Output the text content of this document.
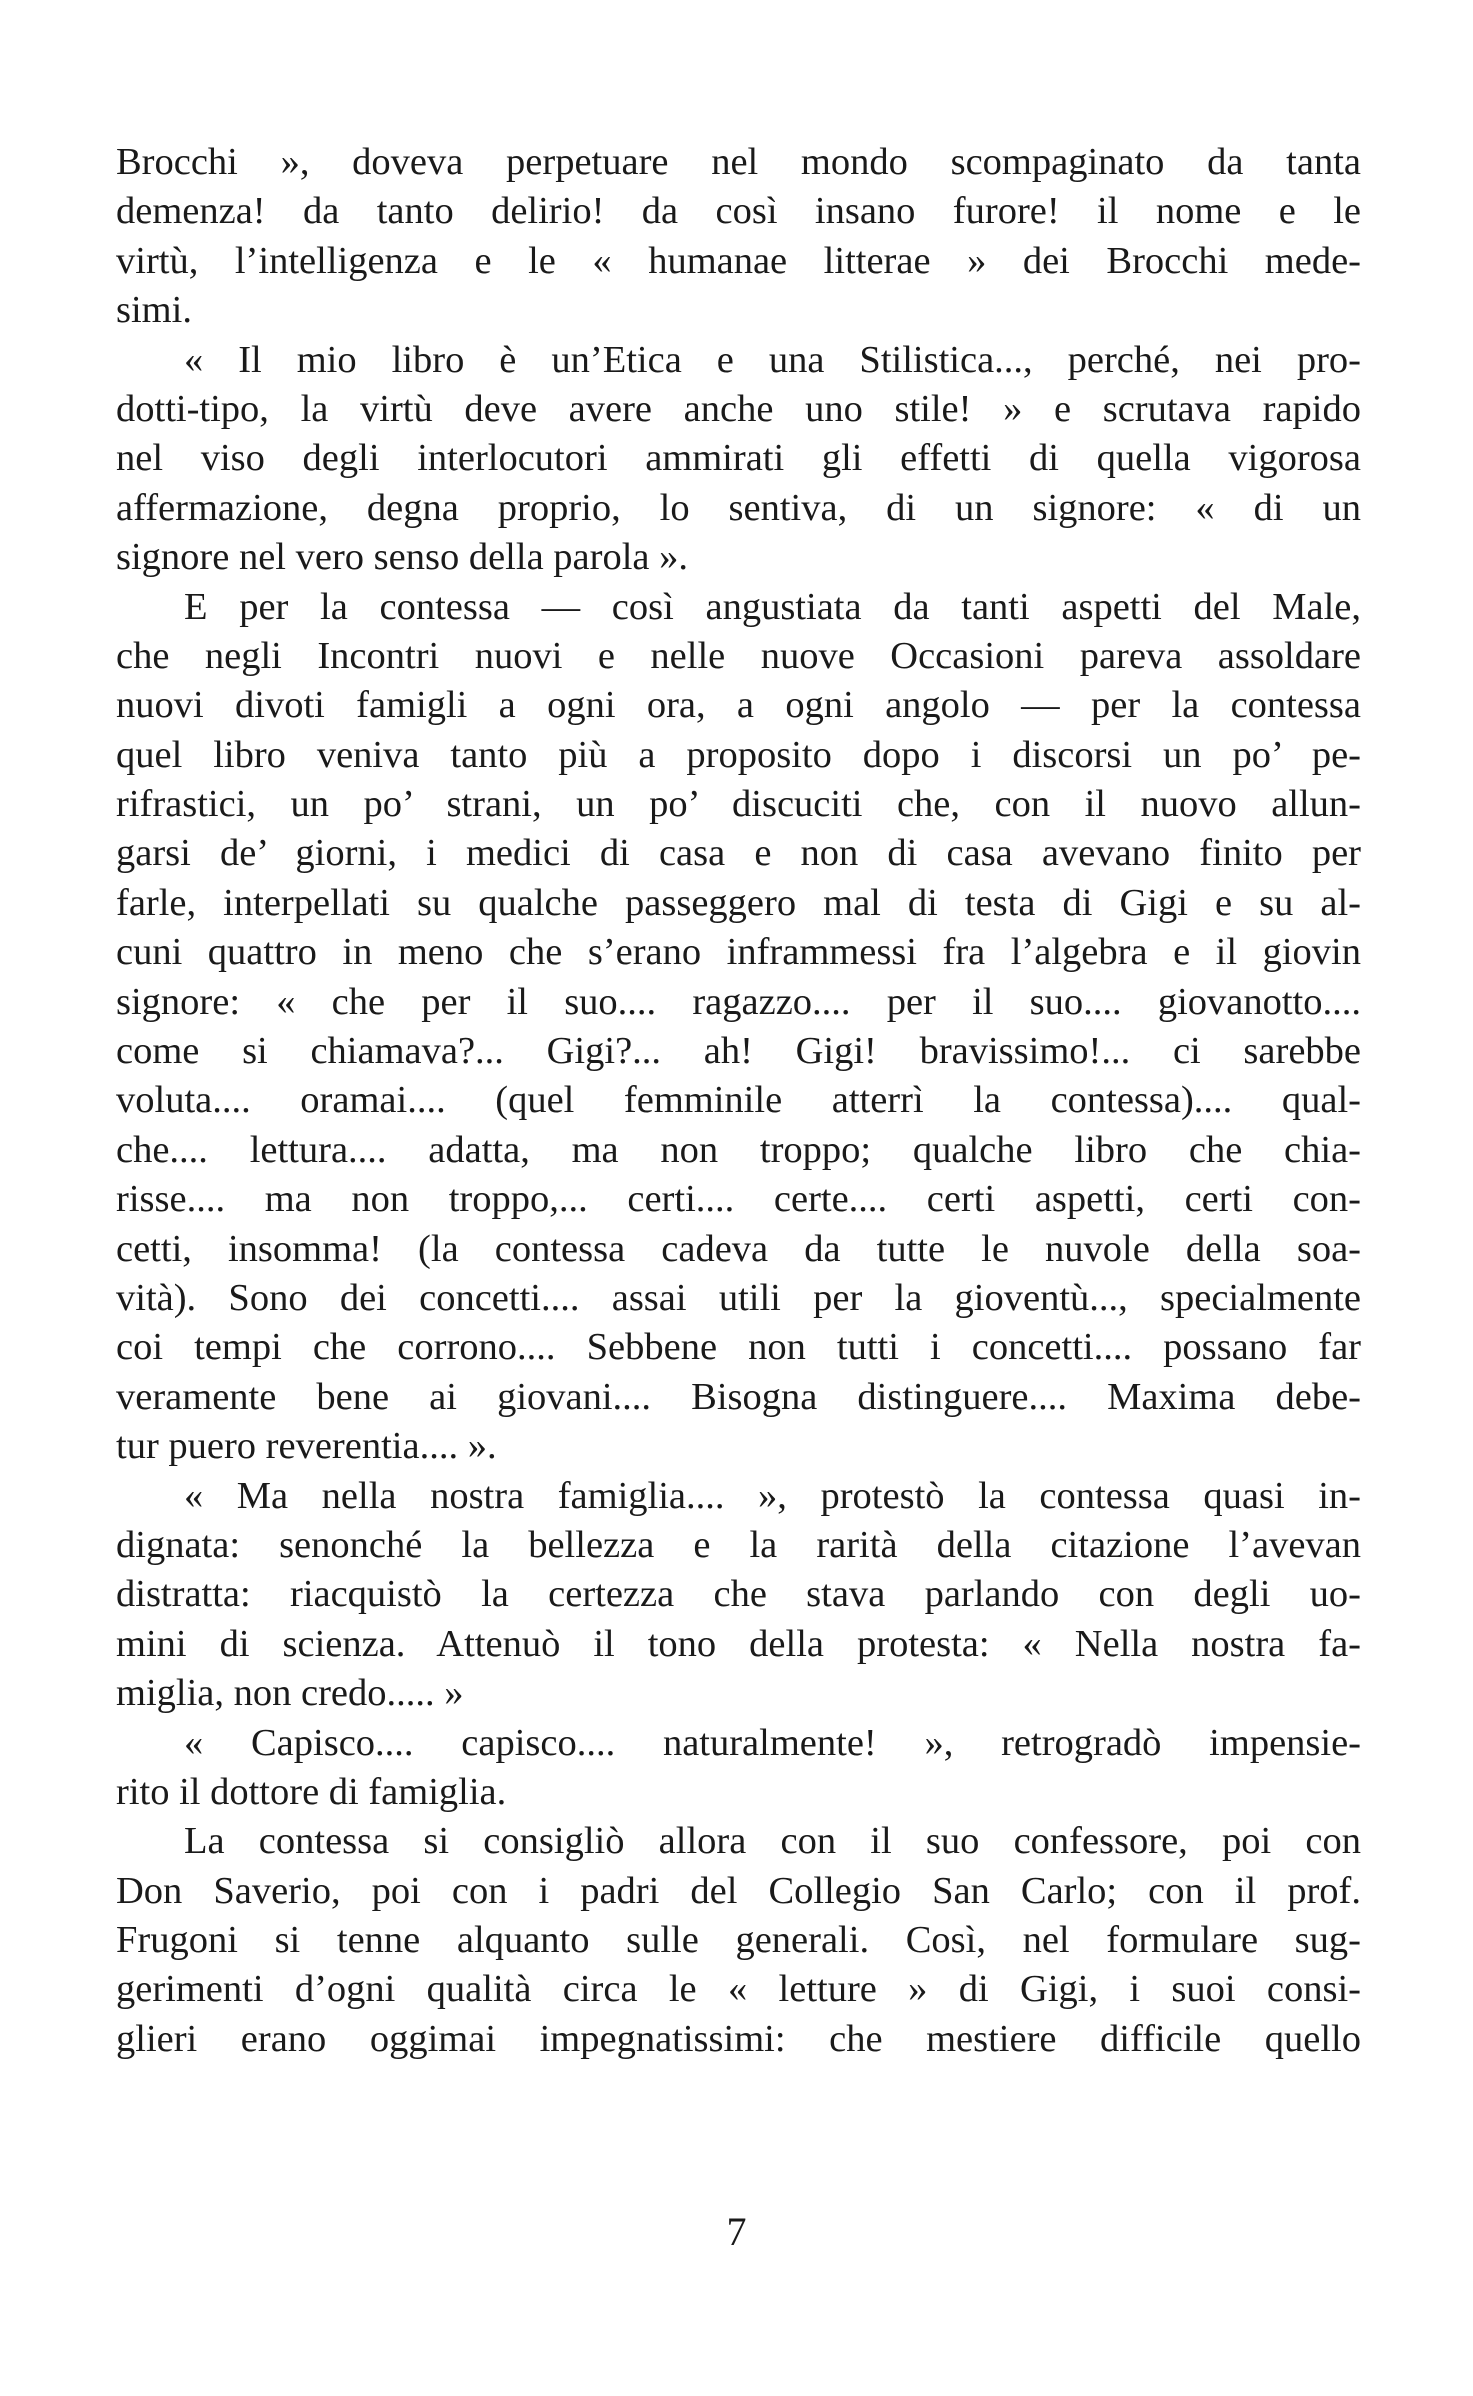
Brocchi », doveva perpetuare nel mondo scompaginato da tanta
demenza! da tanto delirio! da così insano furore! il nome e le
virtù, l’intelligenza e le « humanae litterae » dei Brocchi mede-
simi.
« Il mio libro è un’Etica e una Stilistica..., perché, nei pro-
dotti-tipo, la virtù deve avere anche uno stile! » e scrutava rapido
nel viso degli interlocutori ammirati gli effetti di quella vigorosa
affermazione, degna proprio, lo sentiva, di un signore: « di un
signore nel vero senso della parola ».
E per la contessa — così angustiata da tanti aspetti del Male,
che negli Incontri nuovi e nelle nuove Occasioni pareva assoldare
nuovi divoti famigli a ogni ora, a ogni angolo — per la contessa
quel libro veniva tanto più a proposito dopo i discorsi un po’ pe-
rifrastici, un po’ strani, un po’ discuciti che, con il nuovo allun-
garsi de’ giorni, i medici di casa e non di casa avevano finito per
farle, interpellati su qualche passeggero mal di testa di Gigi e su al-
cuni quattro in meno che s’erano inframmessi fra l’algebra e il giovin
signore: « che per il suo.... ragazzo.... per il suo.... giovanotto....
come si chiamava?... Gigi?... ah! Gigi! bravissimo!... ci sarebbe
voluta.... oramai.... (quel femminile atterrì la contessa).... qual-
che.... lettura.... adatta, ma non troppo; qualche libro che chia-
risse.... ma non troppo,... certi.... certe.... certi aspetti, certi con-
cetti, insomma! (la contessa cadeva da tutte le nuvole della soa-
vità). Sono dei concetti.... assai utili per la gioventù..., specialmente
coi tempi che corrono.... Sebbene non tutti i concetti.... possano far
veramente bene ai giovani.... Bisogna distinguere.... Maxima debe-
tur puero reverentia.... ».
« Ma nella nostra famiglia.... », protestò la contessa quasi in-
dignata: senonché la bellezza e la rarità della citazione l’avevan
distratta: riacquistò la certezza che stava parlando con degli uo-
mini di scienza. Attenuò il tono della protesta: « Nella nostra fa-
miglia, non credo..... »
« Capisco.... capisco.... naturalmente! », retrogradò impensie-
rito il dottore di famiglia.
La contessa si consigliò allora con il suo confessore, poi con
Don Saverio, poi con i padri del Collegio San Carlo; con il prof.
Frugoni si tenne alquanto sulle generali. Così, nel formulare sug-
gerimenti d’ogni qualità circa le « letture » di Gigi, i suoi consi-
glieri erano oggimai impegnatissimi: che mestiere difficile quello
7
